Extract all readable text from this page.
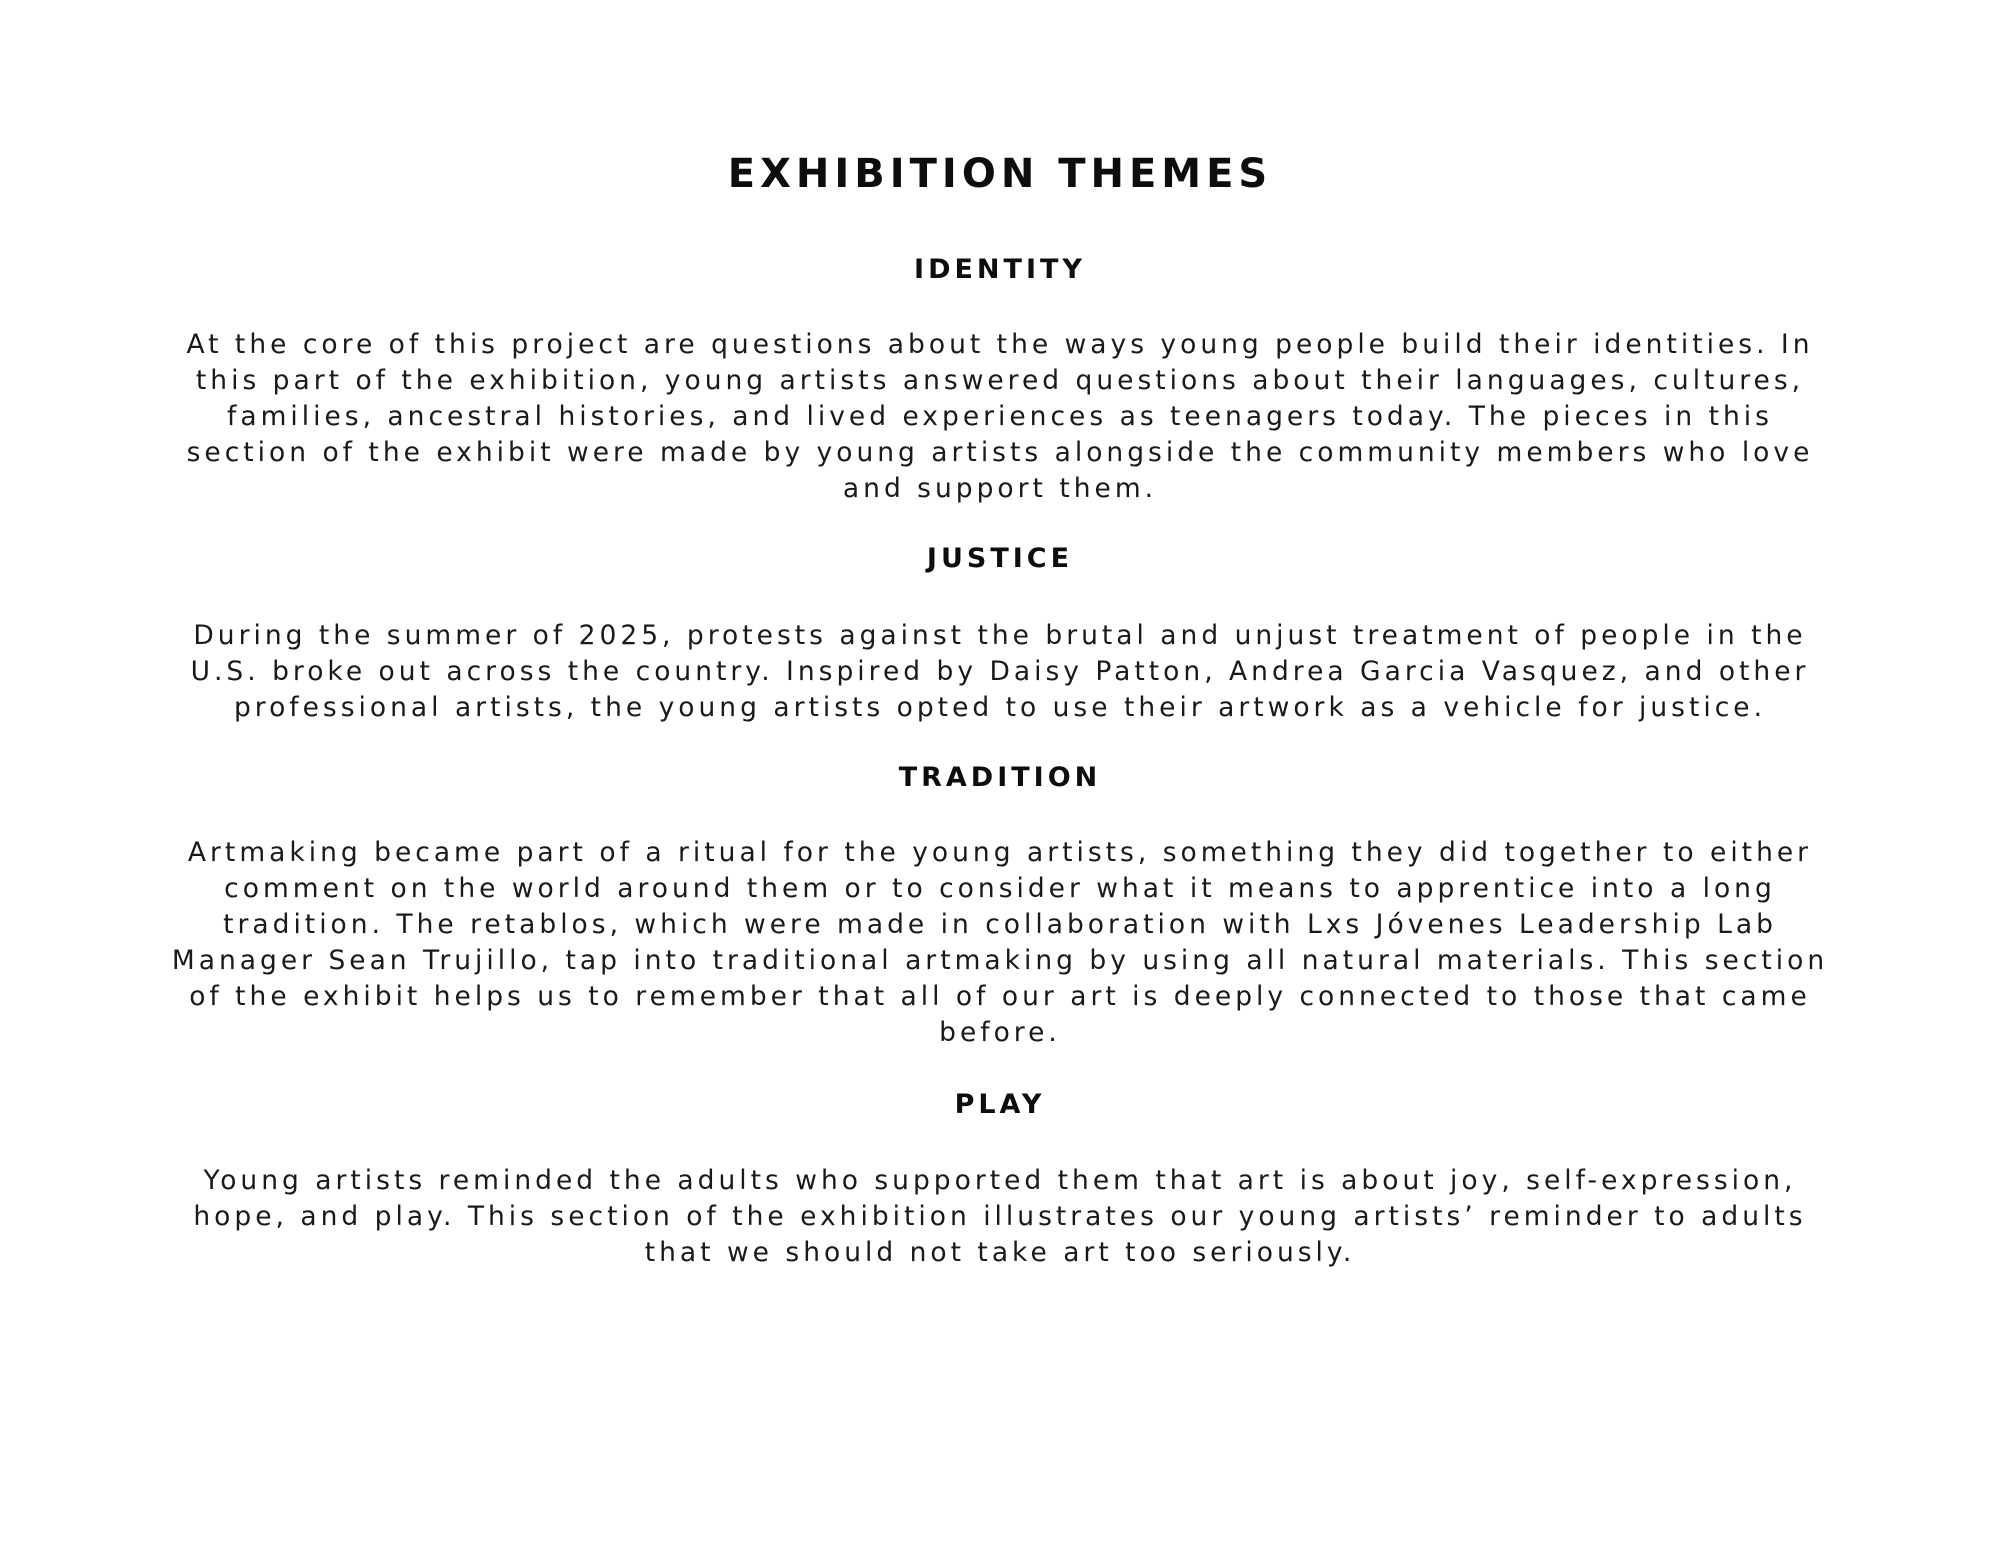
EXHIBITION THEMES
IDENTITY

At the core of this project are questions about the ways young people build their identities. In this part of the exhibition, young artists answered questions about their languages, cultures, families, ancestral histories, and lived experiences as teenagers today. The pieces in this section of the exhibit were made by young artists alongside the community members who love and support them.

JUSTICE

During the summer of 2025, protests against the brutal and unjust treatment of people in the U.S. broke out across the country. Inspired by Daisy Patton, Andrea Garcia Vasquez, and other professional artists, the young artists opted to use their artwork as a vehicle for justice.

TRADITION

Artmaking became part of a ritual for the young artists, something they did together to either comment on the world around them or to consider what it means to apprentice into a long tradition. The retablos, which were made in collaboration with Lxs Jóvenes Leadership Lab Manager Sean Trujillo, tap into traditional artmaking by using all natural materials. This section of the exhibit helps us to remember that all of our art is deeply connected to those that came before.

PLAY

Young artists reminded the adults who supported them that art is about joy, self-expression, hope, and play. This section of the exhibition illustrates our young artists’ reminder to adults that we should not take art too seriously.
